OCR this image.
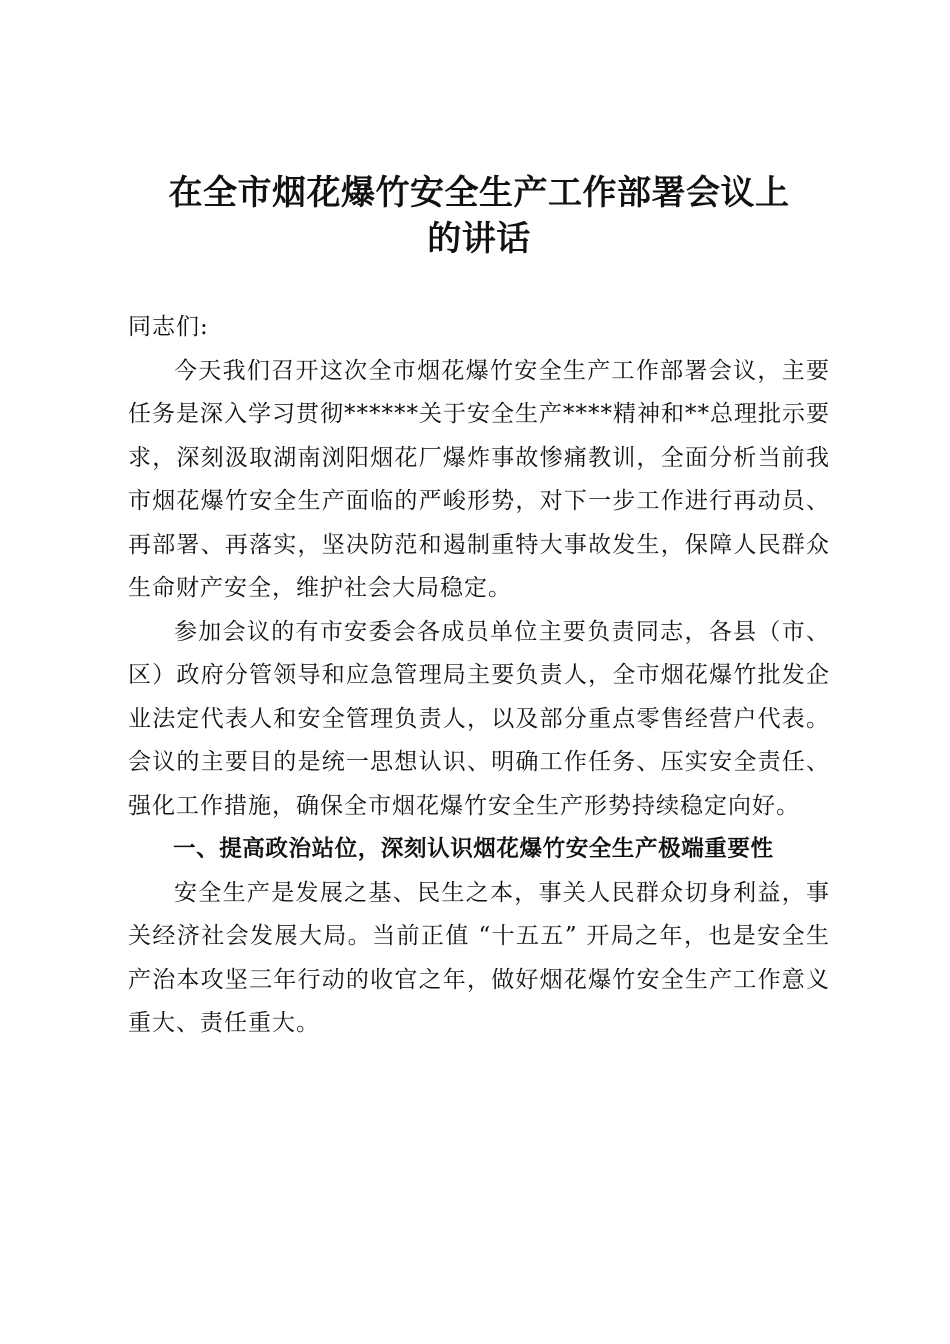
在全市烟花爆竹安全生产工作部署会议上
的讲话

同志们:

今天我们召开这次全市烟花爆竹安全生产工作部署会议，主要任务是深入学习贯彻******关于安全生产****精神和**总理批示要求，深刻汲取湖南浏阳烟花厂爆炸事故惨痛教训，全面分析当前我市烟花爆竹安全生产面临的严峻形势，对下一步工作进行再动员、再部署、再落实，坚决防范和遏制重特大事故发生，保障人民群众生命财产安全，维护社会大局稳定。

参加会议的有市安委会各成员单位主要负责同志，各县（市、区）政府分管领导和应急管理局主要负责人，全市烟花爆竹批发企业法定代表人和安全管理负责人，以及部分重点零售经营户代表。会议的主要目的是统一思想认识、明确工作任务、压实安全责任、强化工作措施，确保全市烟花爆竹安全生产形势持续稳定向好。

一、提高政治站位，深刻认识烟花爆竹安全生产极端重要性

安全生产是发展之基、民生之本，事关人民群众切身利益，事关经济社会发展大局。当前正值 “十五五” 开局之年，也是安全生产治本攻坚三年行动的收官之年，做好烟花爆竹安全生产工作意义重大、责任重大。
